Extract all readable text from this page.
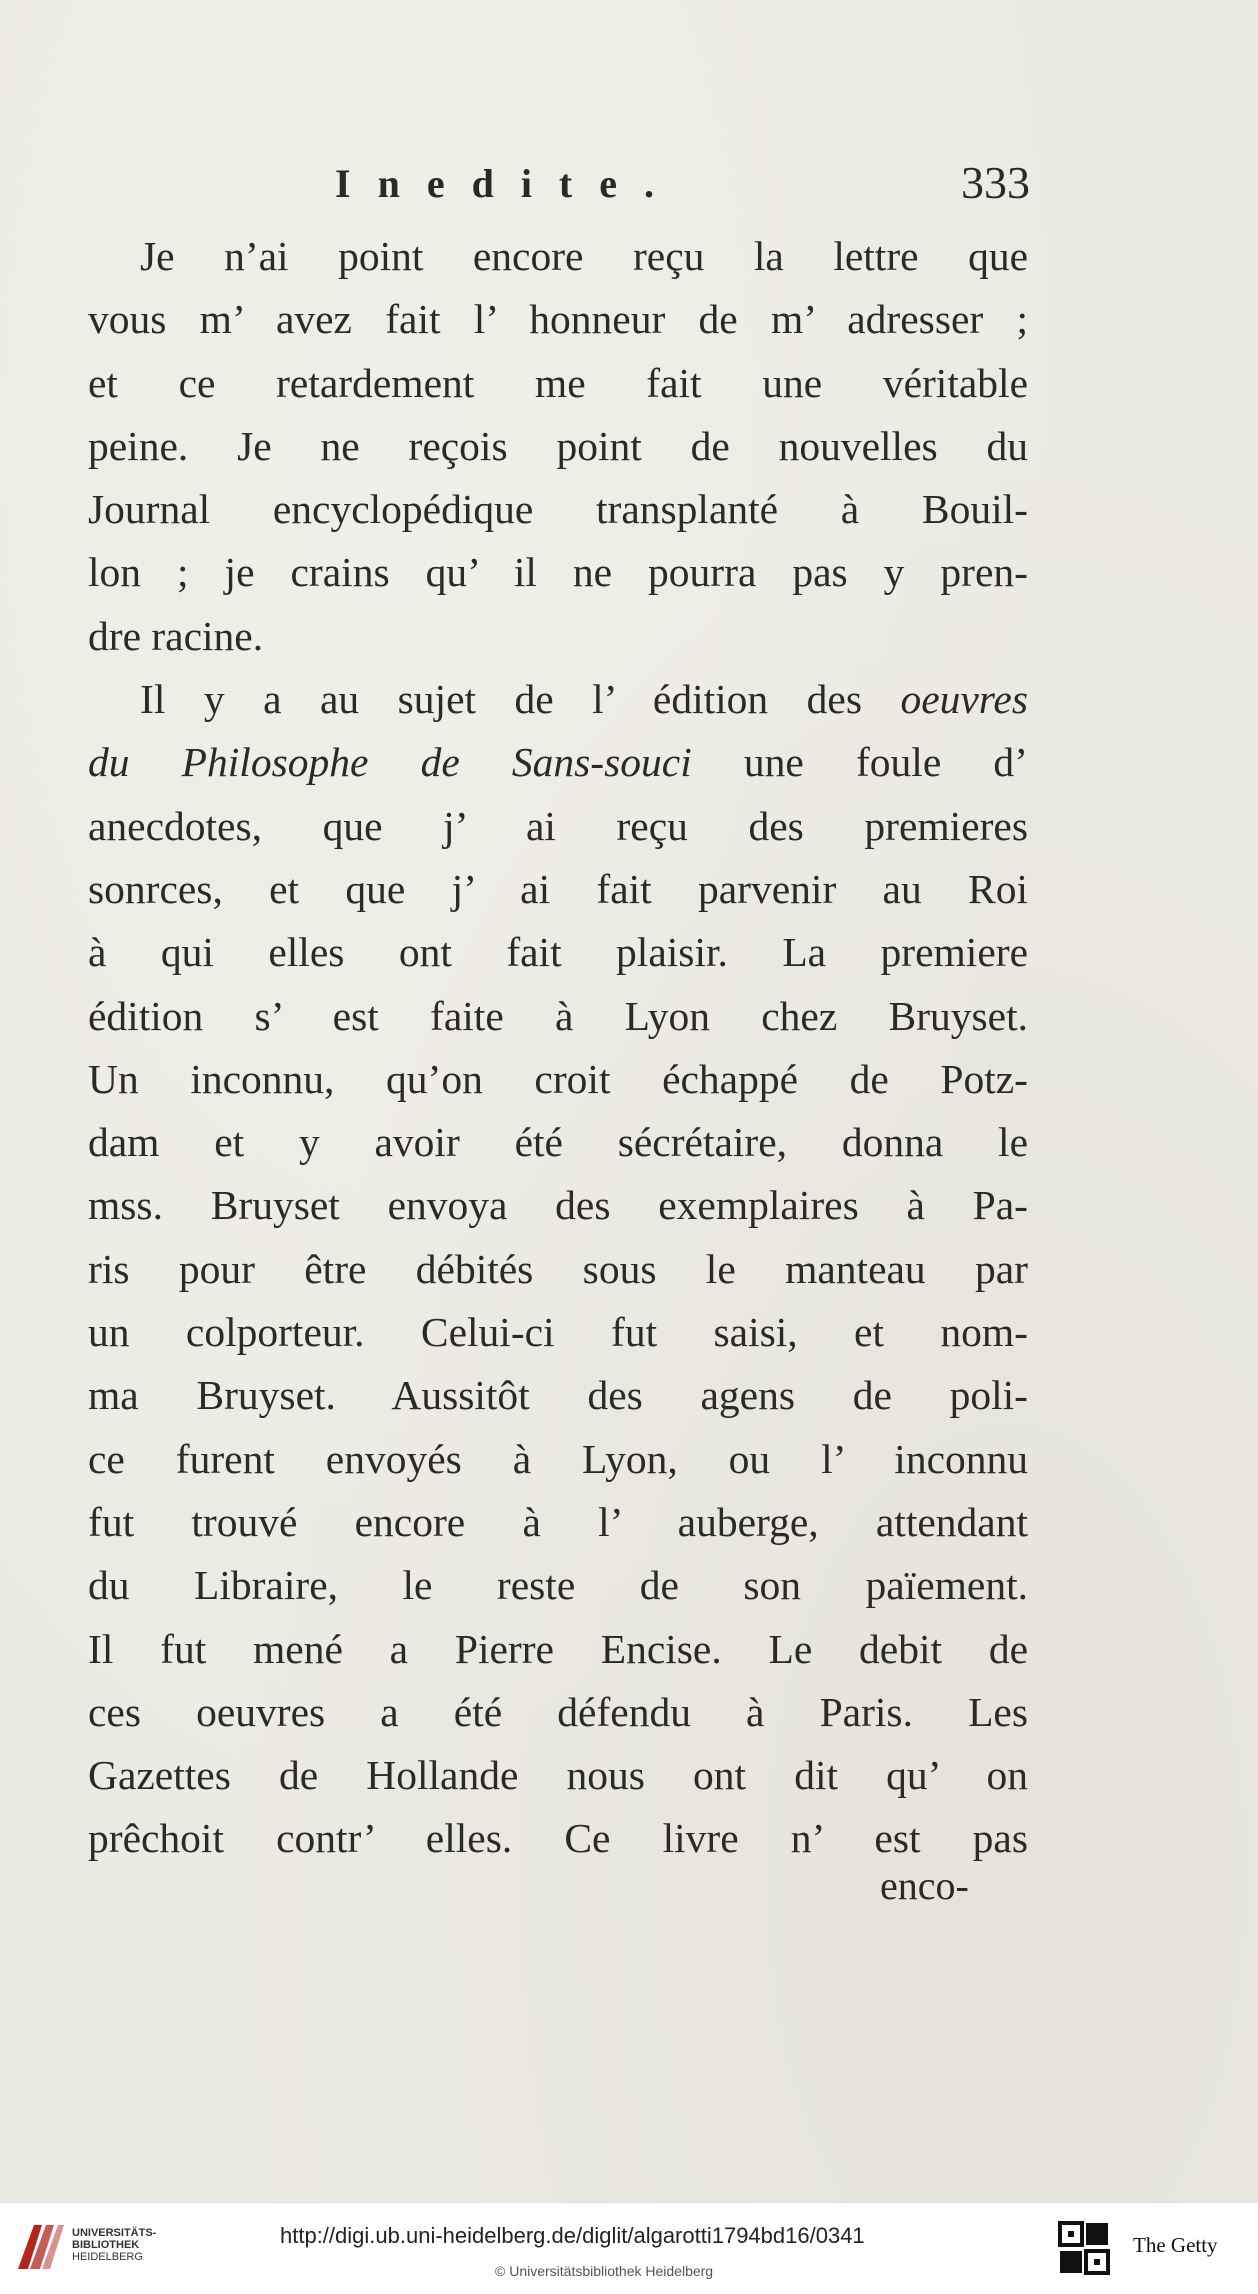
Inedite.	333
Je n’ai point encore reçu la lettre que
vous m’ avez fait l’ honneur de m’ adresser ;
et ce retardement me fait une véritable
peine. Je ne reçois point de nouvelles du
Journal encyclopédique transplanté à Bouil-
lon ; je crains qu’ il ne pourra pas y pren-
dre racine.
Il y a au sujet de l’ édition des oeuvres
du Philosophe de Sans-souci une foule d’
anecdotes, que j’ ai reçu des premieres
sonrces, et que j’ ai fait parvenir au Roi
à qui elles ont fait plaisir. La premiere
édition s’ est faite à Lyon chez Bruyset.
Un inconnu, qu’on croit échappé de Potz-
dam et y avoir été sécrétaire, donna le
mss. Bruyset envoya des exemplaires à Pa-
ris pour être débités sous le manteau par
un colporteur. Celui-ci fut saisi, et nom-
ma Bruyset. Aussitôt des agens de poli-
ce furent envoyés à Lyon, ou l’ inconnu
fut trouvé encore à l’ auberge, attendant
du Libraire, le reste de son païement.
Il fut mené a Pierre Encise. Le debit de
ces oeuvres a été défendu à Paris. Les
Gazettes de Hollande nous ont dit qu’ on
prêchoit contr’ elles. Ce livre n’ est pas
enco-
UNIVERSITÄTS-
BIBLIOTHEK
HEIDELBERG
http://digi.ub.uni-heidelberg.de/diglit/algarotti1794bd16/0341
© Universitätsbibliothek Heidelberg
The Getty
